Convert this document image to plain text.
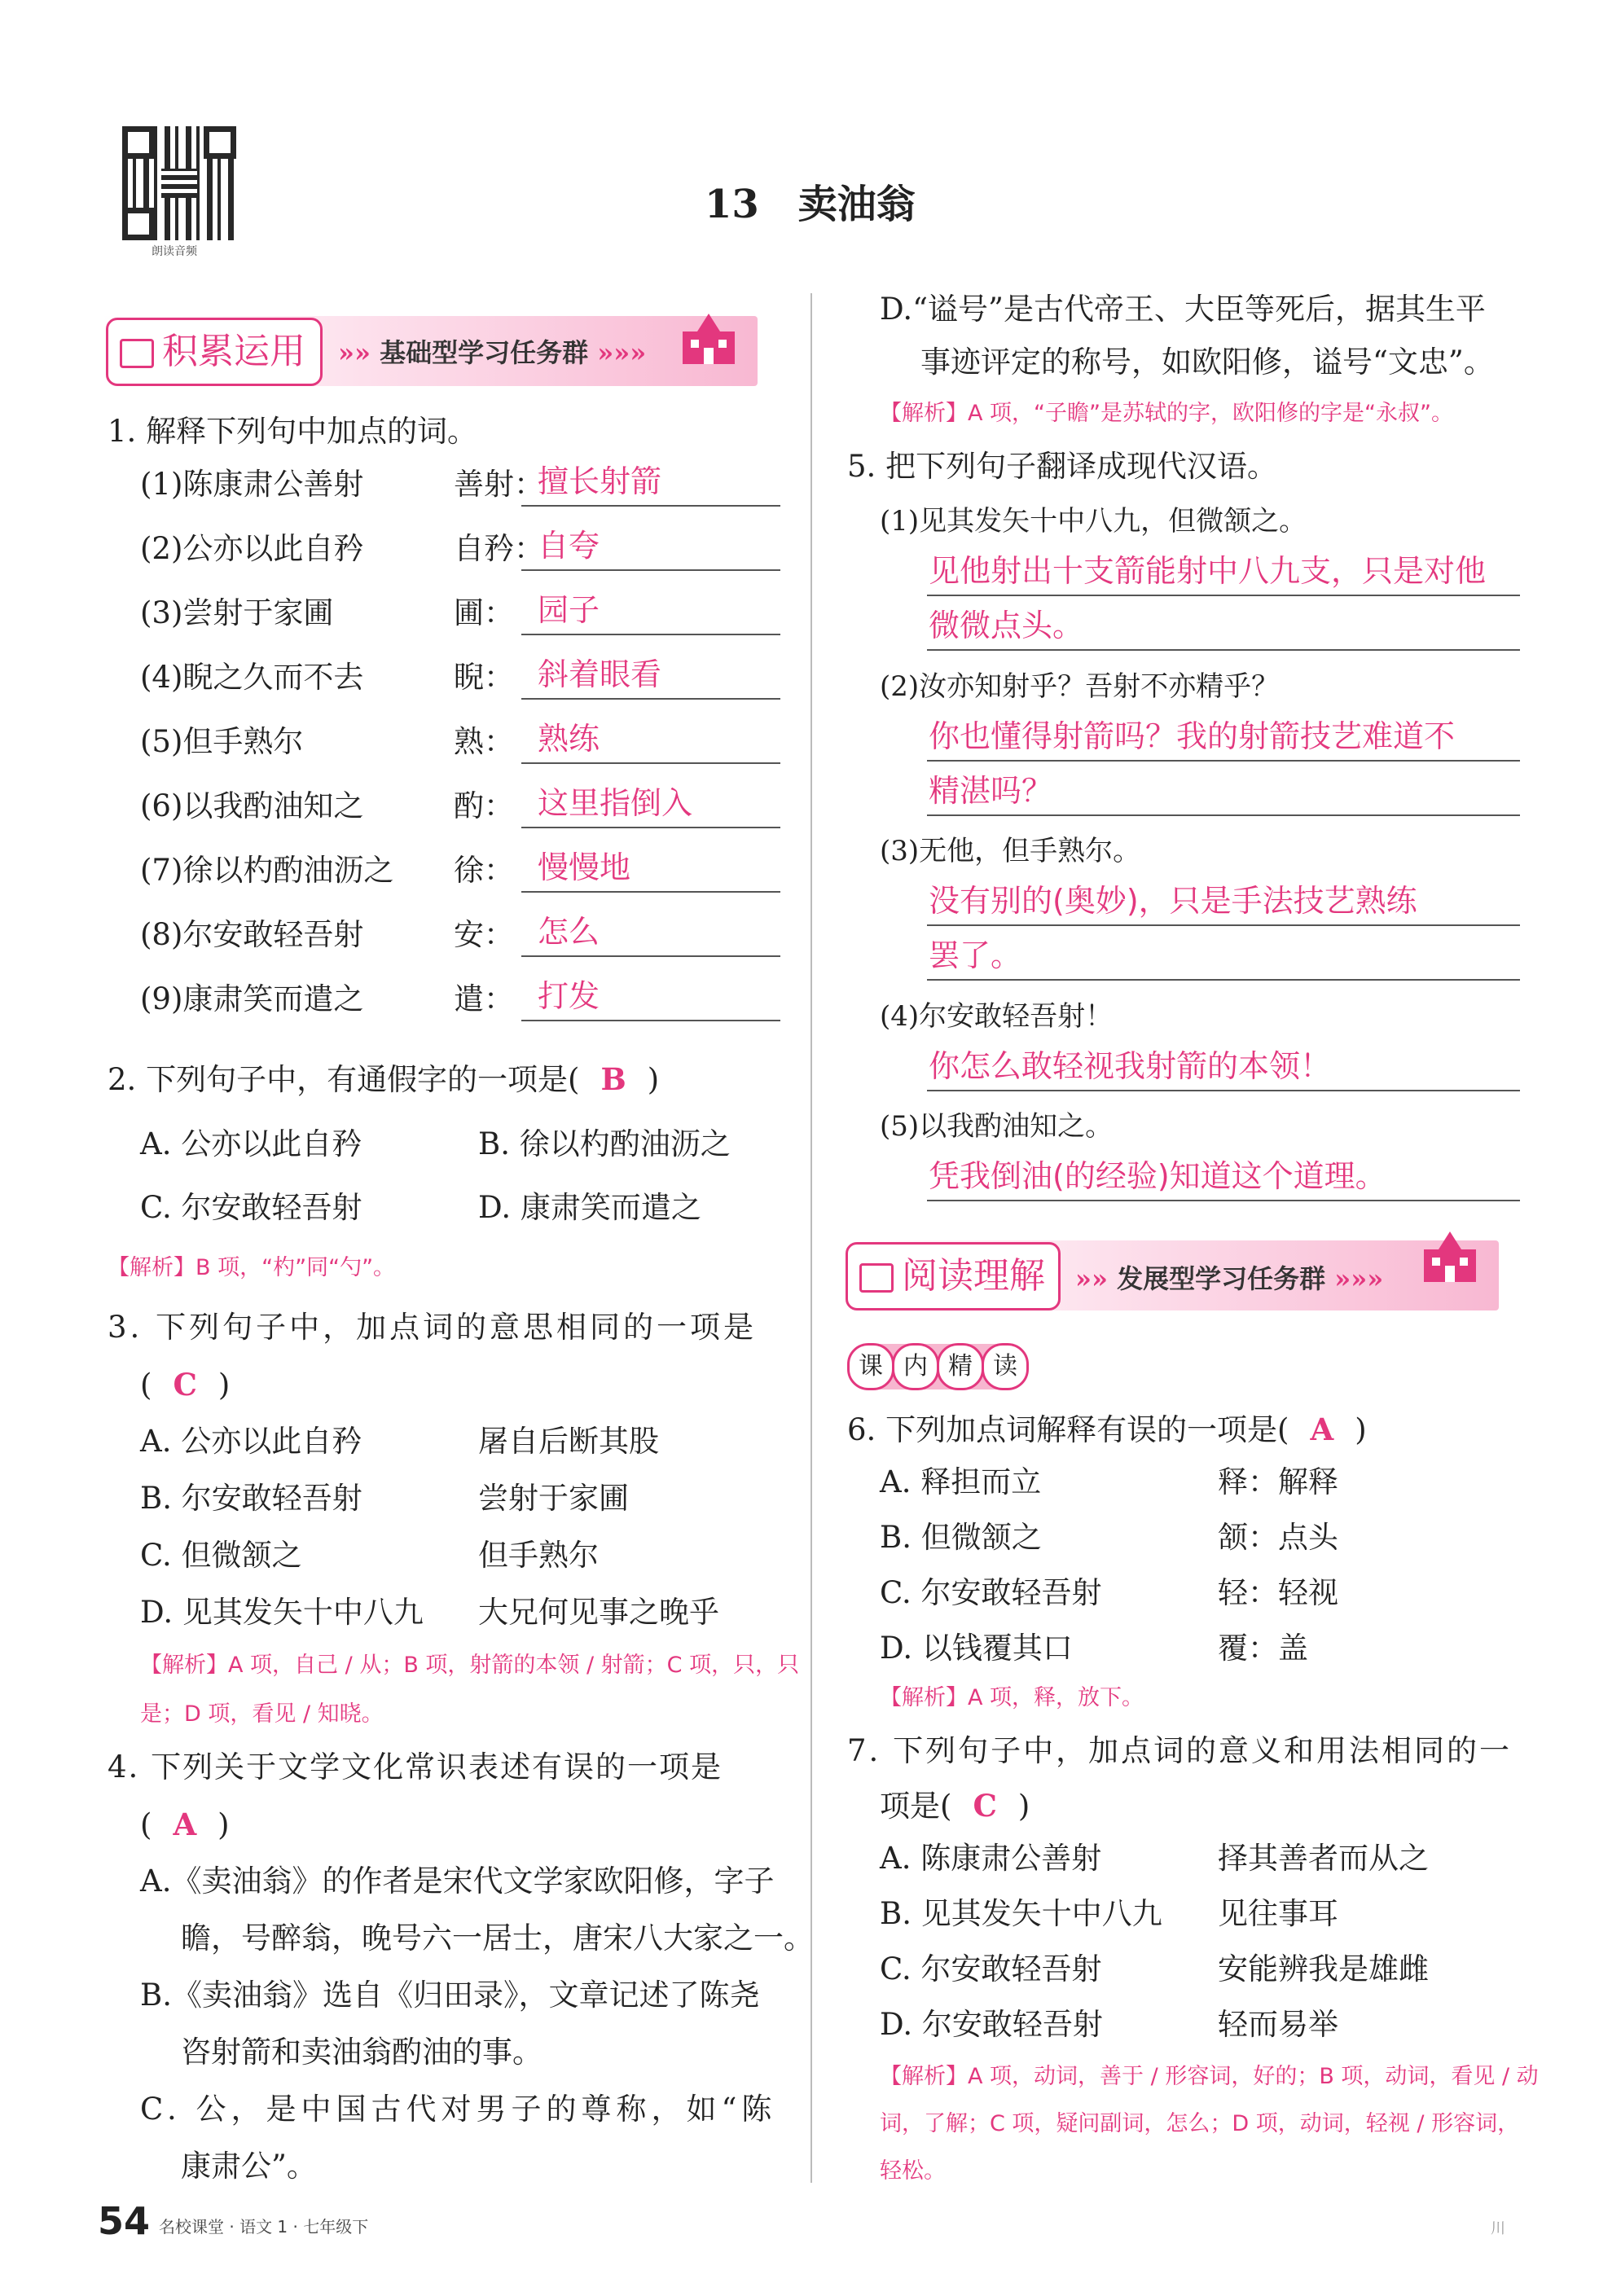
朗读音频
13　卖油翁
积累运用	»» 基础型学习任务群 »»»
1. 解释下列句中加点的词。
2. 下列句子中，有通假字的一项是( B )
A. 公亦以此自矜	B. 徐以杓酌油沥之
C. 尔安敢轻吾射	D. 康肃笑而遣之
【解析】B 项，“杓”同“勺”。
3. 下列句子中，加点词的意思相同的一项是
( C )
【解析】A 项，自己 / 从；B 项，射箭的本领 / 射箭；C 项，只，只
是；D 项，看见 / 知晓。
4. 下列关于文学文化常识表述有误的一项是
( A )
A.《卖油翁》的作者是宋代文学家欧阳修，字子
瞻，号醉翁，晚号六一居士，唐宋八大家之一。
B.《卖油翁》选自《归田录》，文章记述了陈尧
咨射箭和卖油翁酌油的事。
C. 公，是中国古代对男子的尊称，如“陈
康肃公”。
D.“谥号”是古代帝王、大臣等死后，据其生平
事迹评定的称号，如欧阳修，谥号“文忠”。
【解析】A 项，“子瞻”是苏轼的字，欧阳修的字是“永叔”。
5. 把下列句子翻译成现代汉语。
阅读理解	»» 发展型学习任务群 »»»
课 内 精 读
6. 下列加点词解释有误的一项是( A )
【解析】A 项，释，放下。
7. 下列句子中，加点词的意义和用法相同的一
项是( C )
【解析】A 项，动词，善于 / 形容词，好的；B 项，动词，看见 / 动
词，了解；C 项，疑问副词，怎么；D 项，动词，轻视 / 形容词，
轻松。
54 名校课堂 · 语文 1 · 七年级下	川
(1)陈康肃公善射	善射：
擅长射箭
(2)公亦以此自矜	自矜：
自夸
(3)尝射于家圃	圃： 园子
(4)睨之久而不去	睨： 斜着眼看
(5)但手熟尔	熟： 熟练
(6)以我酌油知之	酌： 这里指倒入
(7)徐以杓酌油沥之 徐： 慢慢地
(8)尔安敢轻吾射	安： 怎么
(9)康肃笑而遣之	遣： 打发
A. 公亦以此自矜	屠自后断其股
B. 尔安敢轻吾射	尝射于家圃
C. 但微颔之	但手熟尔
D. 见其发矢十中八九 大兄何见事之晚乎
(1)见其发矢十中八九，但微颔之。
见他射出十支箭能射中八九支，只是对他
微微点头。
(2)汝亦知射乎？吾射不亦精乎？
你也懂得射箭吗？我的射箭技艺难道不
精湛吗？
(3)无他，但手熟尔。
没有别的(奥妙)，只是手法技艺熟练
罢了。
(4)尔安敢轻吾射！
你怎么敢轻视我射箭的本领！
(5)以我酌油知之。
凭我倒油(的经验)知道这个道理。
A. 释担而立	释：解释
B. 但微颔之	颔：点头
C. 尔安敢轻吾射	轻：轻视
D. 以钱覆其口	覆：盖
A. 陈康肃公善射	择其善者而从之
B. 见其发矢十中八九 见往事耳
C. 尔安敢轻吾射	安能辨我是雄雌
D. 尔安敢轻吾射	轻而易举
